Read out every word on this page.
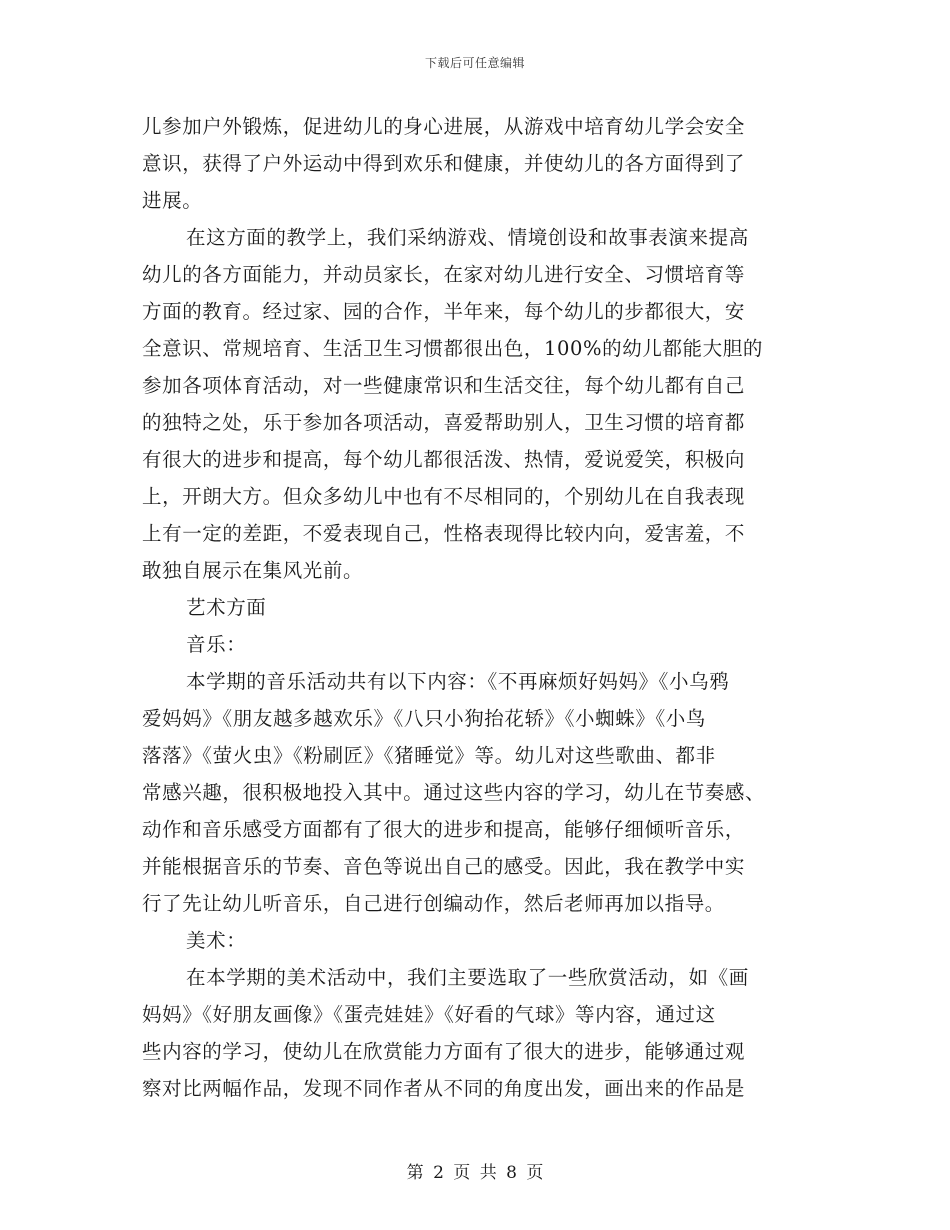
下载后可任意编辑
儿参加户外锻炼，促进幼儿的身心进展，从游戏中培育幼儿学会安全
意识，获得了户外运动中得到欢乐和健康，并使幼儿的各方面得到了
进展。
在这方面的教学上，我们采纳游戏、情境创设和故事表演来提高
幼儿的各方面能力，并动员家长，在家对幼儿进行安全、习惯培育等
方面的教育。经过家、园的合作，半年来，每个幼儿的步都很大，安
全意识、常规培育、生活卫生习惯都很出色，100%的幼儿都能大胆的
参加各项体育活动，对一些健康常识和生活交往，每个幼儿都有自己
的独特之处，乐于参加各项活动，喜爱帮助别人，卫生习惯的培育都
有很大的进步和提高，每个幼儿都很活泼、热情，爱说爱笑，积极向
上，开朗大方。但众多幼儿中也有不尽相同的，个别幼儿在自我表现
上有一定的差距，不爱表现自己，性格表现得比较内向，爱害羞，不
敢独自展示在集风光前。
艺术方面
音乐：
本学期的音乐活动共有以下内容：《不再麻烦好妈妈》《小乌鸦
爱妈妈》《朋友越多越欢乐》《八只小狗抬花轿》《小蜘蛛》《小鸟
落落》《萤火虫》《粉刷匠》《猪睡觉》等。幼儿对这些歌曲、都非
常感兴趣，很积极地投入其中。通过这些内容的学习，幼儿在节奏感、
动作和音乐感受方面都有了很大的进步和提高，能够仔细倾听音乐，
并能根据音乐的节奏、音色等说出自己的感受。因此，我在教学中实
行了先让幼儿听音乐，自己进行创编动作，然后老师再加以指导。
美术：
在本学期的美术活动中，我们主要选取了一些欣赏活动，如《画
妈妈》《好朋友画像》《蛋壳娃娃》《好看的气球》等内容，通过这
些内容的学习，使幼儿在欣赏能力方面有了很大的进步，能够通过观
察对比两幅作品，发现不同作者从不同的角度出发，画出来的作品是
第 2 页 共 8 页
